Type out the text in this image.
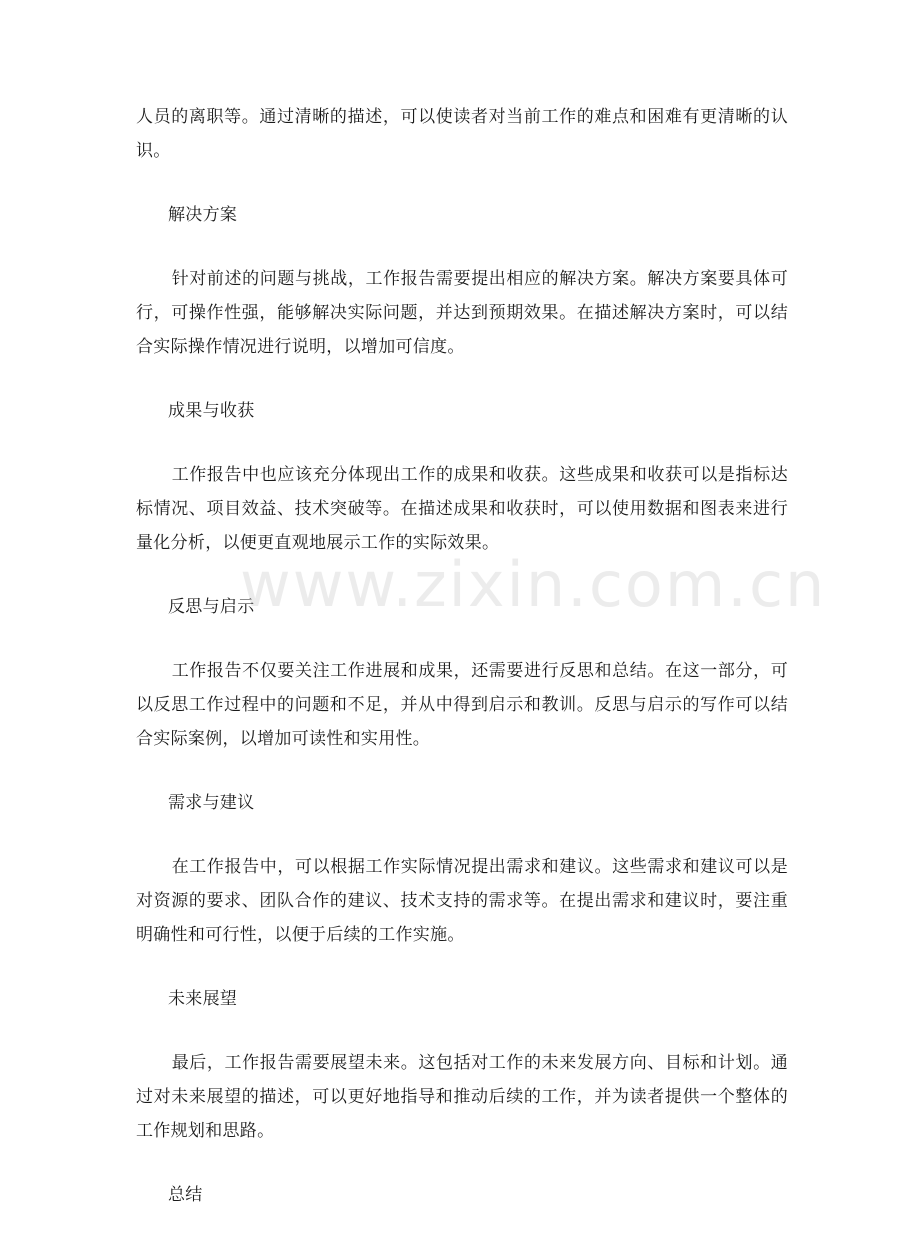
人员的离职等。通过清晰的描述，可以使读者对当前工作的难点和困难有更清晰的认识。

解决方案

针对前述的问题与挑战，工作报告需要提出相应的解决方案。解决方案要具体可行，可操作性强，能够解决实际问题，并达到预期效果。在描述解决方案时，可以结合实际操作情况进行说明，以增加可信度。

成果与收获

工作报告中也应该充分体现出工作的成果和收获。这些成果和收获可以是指标达标情况、项目效益、技术突破等。在描述成果和收获时，可以使用数据和图表来进行量化分析，以便更直观地展示工作的实际效果。

反思与启示

工作报告不仅要关注工作进展和成果，还需要进行反思和总结。在这一部分，可以反思工作过程中的问题和不足，并从中得到启示和教训。反思与启示的写作可以结合实际案例，以增加可读性和实用性。

需求与建议

在工作报告中，可以根据工作实际情况提出需求和建议。这些需求和建议可以是对资源的要求、团队合作的建议、技术支持的需求等。在提出需求和建议时，要注重明确性和可行性，以便于后续的工作实施。

未来展望

最后，工作报告需要展望未来。这包括对工作的未来发展方向、目标和计划。通过对未来展望的描述，可以更好地指导和推动后续的工作，并为读者提供一个整体的工作规划和思路。

总结
www.zixin.com.cn
